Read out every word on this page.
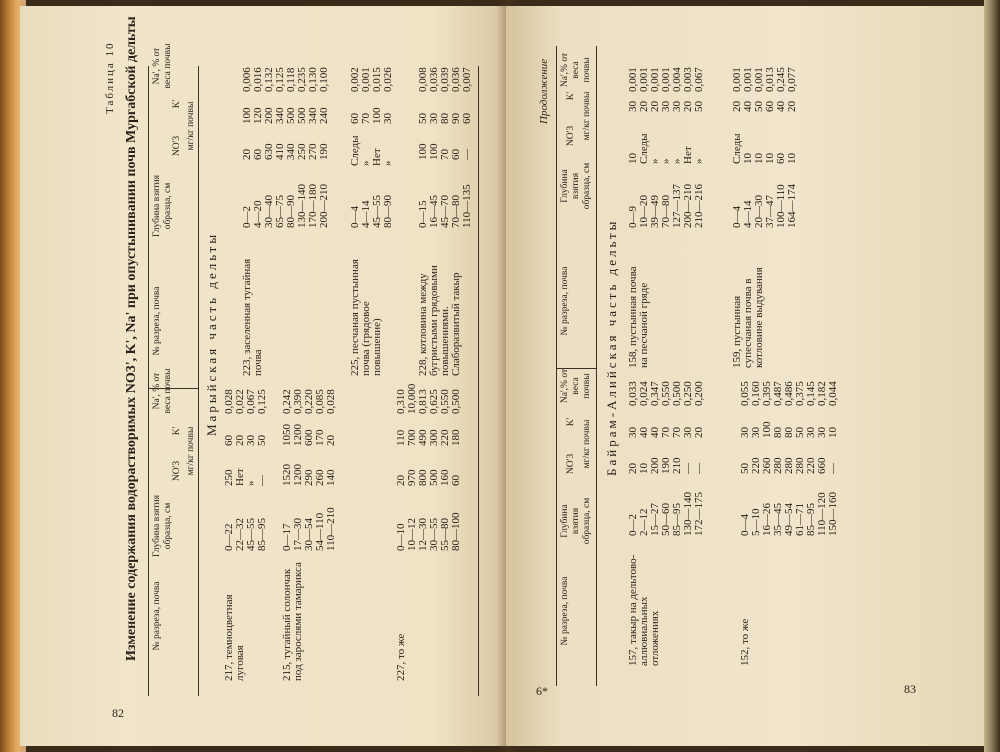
82
Таблица 10 Изменение содержания водорастворимых NO3', K', Na' при опустынивании почв Мургабской дельты № разреза, почва
Глубина взятия образца, см
NO'3
K' мг/кг почвы
Na', % от веса почвы
№ разреза, почва
Глубина взятия образца, см
NO'3
K' мг/кг почвы
Na', % от веса почвы
Марыйская часть дельты
217, темноцветная луговая
0—22
22—32
45—55
85—95
250
Нет
»
—
60
20
30
50
0,028
0,022
0,067
0,125
215, тугайный солончак под зарослями тамарикса
0—17
17—30
30—54
54—110
110—210
1520
1200
290
260
140
1050
1200
600
170
20
0,242
0,390
0,220
0,085
0,028
227, то же
0—10
10—12
12—30
30—55
55—80
80—100
20
970
800
500
160
60
110
700
490
300
220
180
0,310
10,000
0,813
0,625
0,550
0,500
223, заселенная тугайная почва
0—2
4—20
30—40
65—75
80—90
130—140
170—180
200—210
20
60
630
410
340
250
270
190
100
120
200
340
500
500
340
240
0,006
0,016
0,132
0,125
0,118
0,235
0,130
0,100
225, песчаная пустынная почва (грядовое повышение)
0—4
4—14
45—55
80—90
Следы
»
Нет
»
60
70
100
30
0,002
0,001
0,015
0,026
228, котловина между бугристыми грядовыми повышениями. Слаборазвитый такыр
0—15
16—45
45—70
70—80
110—135
100
100
70
60
—
50
30
80
90
60
0,008
0,036
0,039
0,036
0,007
83
6*
Продолжение
№ разреза, почва
Глубина взятия образца, см
NO'3
K' мг/кг почвы
Na',% от веса почвы
№ разреза, почва
Глубина взятия образца, см
NO'3
K' мг/кг почвы
Na',% от веса почвы
Байрам-Алийская часть дельты
157, такыр на дельтово-аллювиальных отложениях
0—2
2—12
15—27
50—60
85—95
130—140
172—175
20
10
200
190
210
—
—
30
40
40
70
70
30
20
0,033
0,024
0,347
0,550
0,500
0,250
0,200
152, то же
0—4
5—10
16—26
35—45
49—54
61—71
85—95
110—120
150—160
50
220
260
280
280
280
220
660
—
30
30
100
80
80
50
30
30
10
0,055
0,160
0,395
0,487
0,486
0,375
0,145
0,182
0,044
158, пустынная почва на песчаной гряде
0—9
10—20
39—49
70—80
127—137
200—210
210—216
10
Следы
»
»
»
Нет
»
30
20
20
30
30
20
50
0,001
0,001
0,001
0,001
0,004
0,003
0,067
159, пустынная супесчаная почва в котловине выдувания
0—4
4—14
20—30
37—47
100—110
164—174
Следы
10
10
10
60
10
20
40
50
60
40
20
0,001
0,001
0,001
0,013
0,245
0,077
